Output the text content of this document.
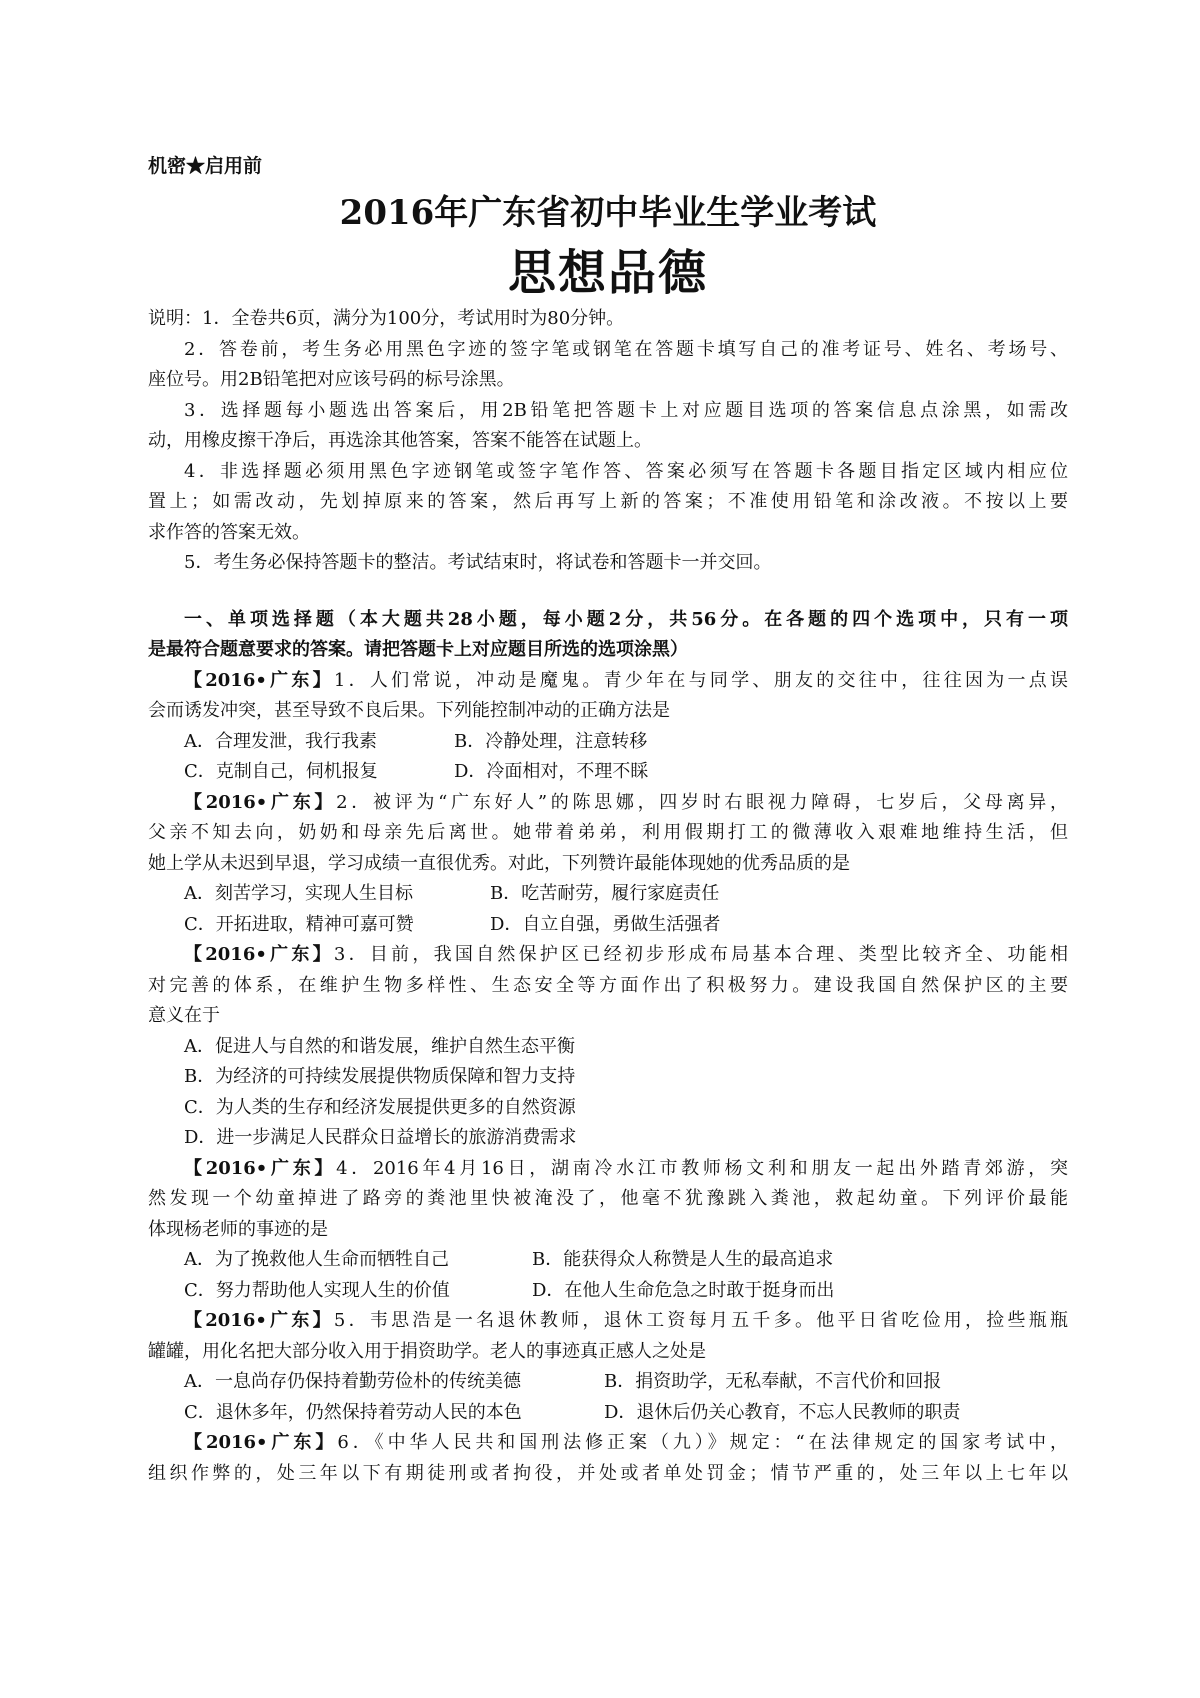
机密★启用前
2016年广东省初中毕业生学业考试
思想品德
说明：1．全卷共6页，满分为100分，考试用时为80分钟。
2．答卷前，考生务必用黑色字迹的签字笔或钢笔在答题卡填写自己的准考证号、姓名、考场号、
座位号。用2B铅笔把对应该号码的标号涂黑。
3．选择题每小题选出答案后，用2B铅笔把答题卡上对应题目选项的答案信息点涂黑，如需改
动，用橡皮擦干净后，再选涂其他答案，答案不能答在试题上。
4．非选择题必须用黑色字迹钢笔或签字笔作答、答案必须写在答题卡各题目指定区域内相应位
置上；如需改动，先划掉原来的答案，然后再写上新的答案；不准使用铅笔和涂改液。不按以上要
求作答的答案无效。
5．考生务必保持答题卡的整洁。考试结束时，将试卷和答题卡一并交回。
一、单项选择题（本大题共28小题，每小题2分，共56分。在各题的四个选项中，只有一项
是最符合题意要求的答案。请把答题卡上对应题目所选的选项涂黑）
【2016•广东】1．人们常说，冲动是魔鬼。青少年在与同学、朋友的交往中，往往因为一点误
会而诱发冲突，甚至导致不良后果。下列能控制冲动的正确方法是
A．合理发泄，我行我素	B．冷静处理，注意转移
C．克制自己，伺机报复	D．冷面相对，不理不睬
【2016•广东】2．被评为“广东好人”的陈思娜，四岁时右眼视力障碍，七岁后，父母离异，
父亲不知去向，奶奶和母亲先后离世。她带着弟弟，利用假期打工的微薄收入艰难地维持生活，但
她上学从未迟到早退，学习成绩一直很优秀。对此，下列赞许最能体现她的优秀品质的是
A．刻苦学习，实现人生目标	B．吃苦耐劳，履行家庭责任
C．开拓进取，精神可嘉可赞	D．自立自强，勇做生活强者
【2016•广东】3．目前，我国自然保护区已经初步形成布局基本合理、类型比较齐全、功能相
对完善的体系，在维护生物多样性、生态安全等方面作出了积极努力。建设我国自然保护区的主要
意义在于
A．促进人与自然的和谐发展，维护自然生态平衡
B．为经济的可持续发展提供物质保障和智力支持
C．为人类的生存和经济发展提供更多的自然资源
D．进一步满足人民群众日益增长的旅游消费需求
【2016•广东】4．2016年4月16日，湖南冷水江市教师杨文利和朋友一起出外踏青郊游，突
然发现一个幼童掉进了路旁的粪池里快被淹没了，他毫不犹豫跳入粪池，救起幼童。下列评价最能
体现杨老师的事迹的是
A．为了挽救他人生命而牺牲自己	B．能获得众人称赞是人生的最高追求
C．努力帮助他人实现人生的价值	D．在他人生命危急之时敢于挺身而出
【2016•广东】5．韦思浩是一名退休教师，退休工资每月五千多。他平日省吃俭用，捡些瓶瓶
罐罐，用化名把大部分收入用于捐资助学。老人的事迹真正感人之处是
A．一息尚存仍保持着勤劳俭朴的传统美德	B．捐资助学，无私奉献，不言代价和回报
C．退休多年，仍然保持着劳动人民的本色	D．退休后仍关心教育，不忘人民教师的职责
【2016•广东】6．《中华人民共和国刑法修正案（九）》规定：“在法律规定的国家考试中，
组织作弊的，处三年以下有期徒刑或者拘役，并处或者单处罚金；情节严重的，处三年以上七年以
